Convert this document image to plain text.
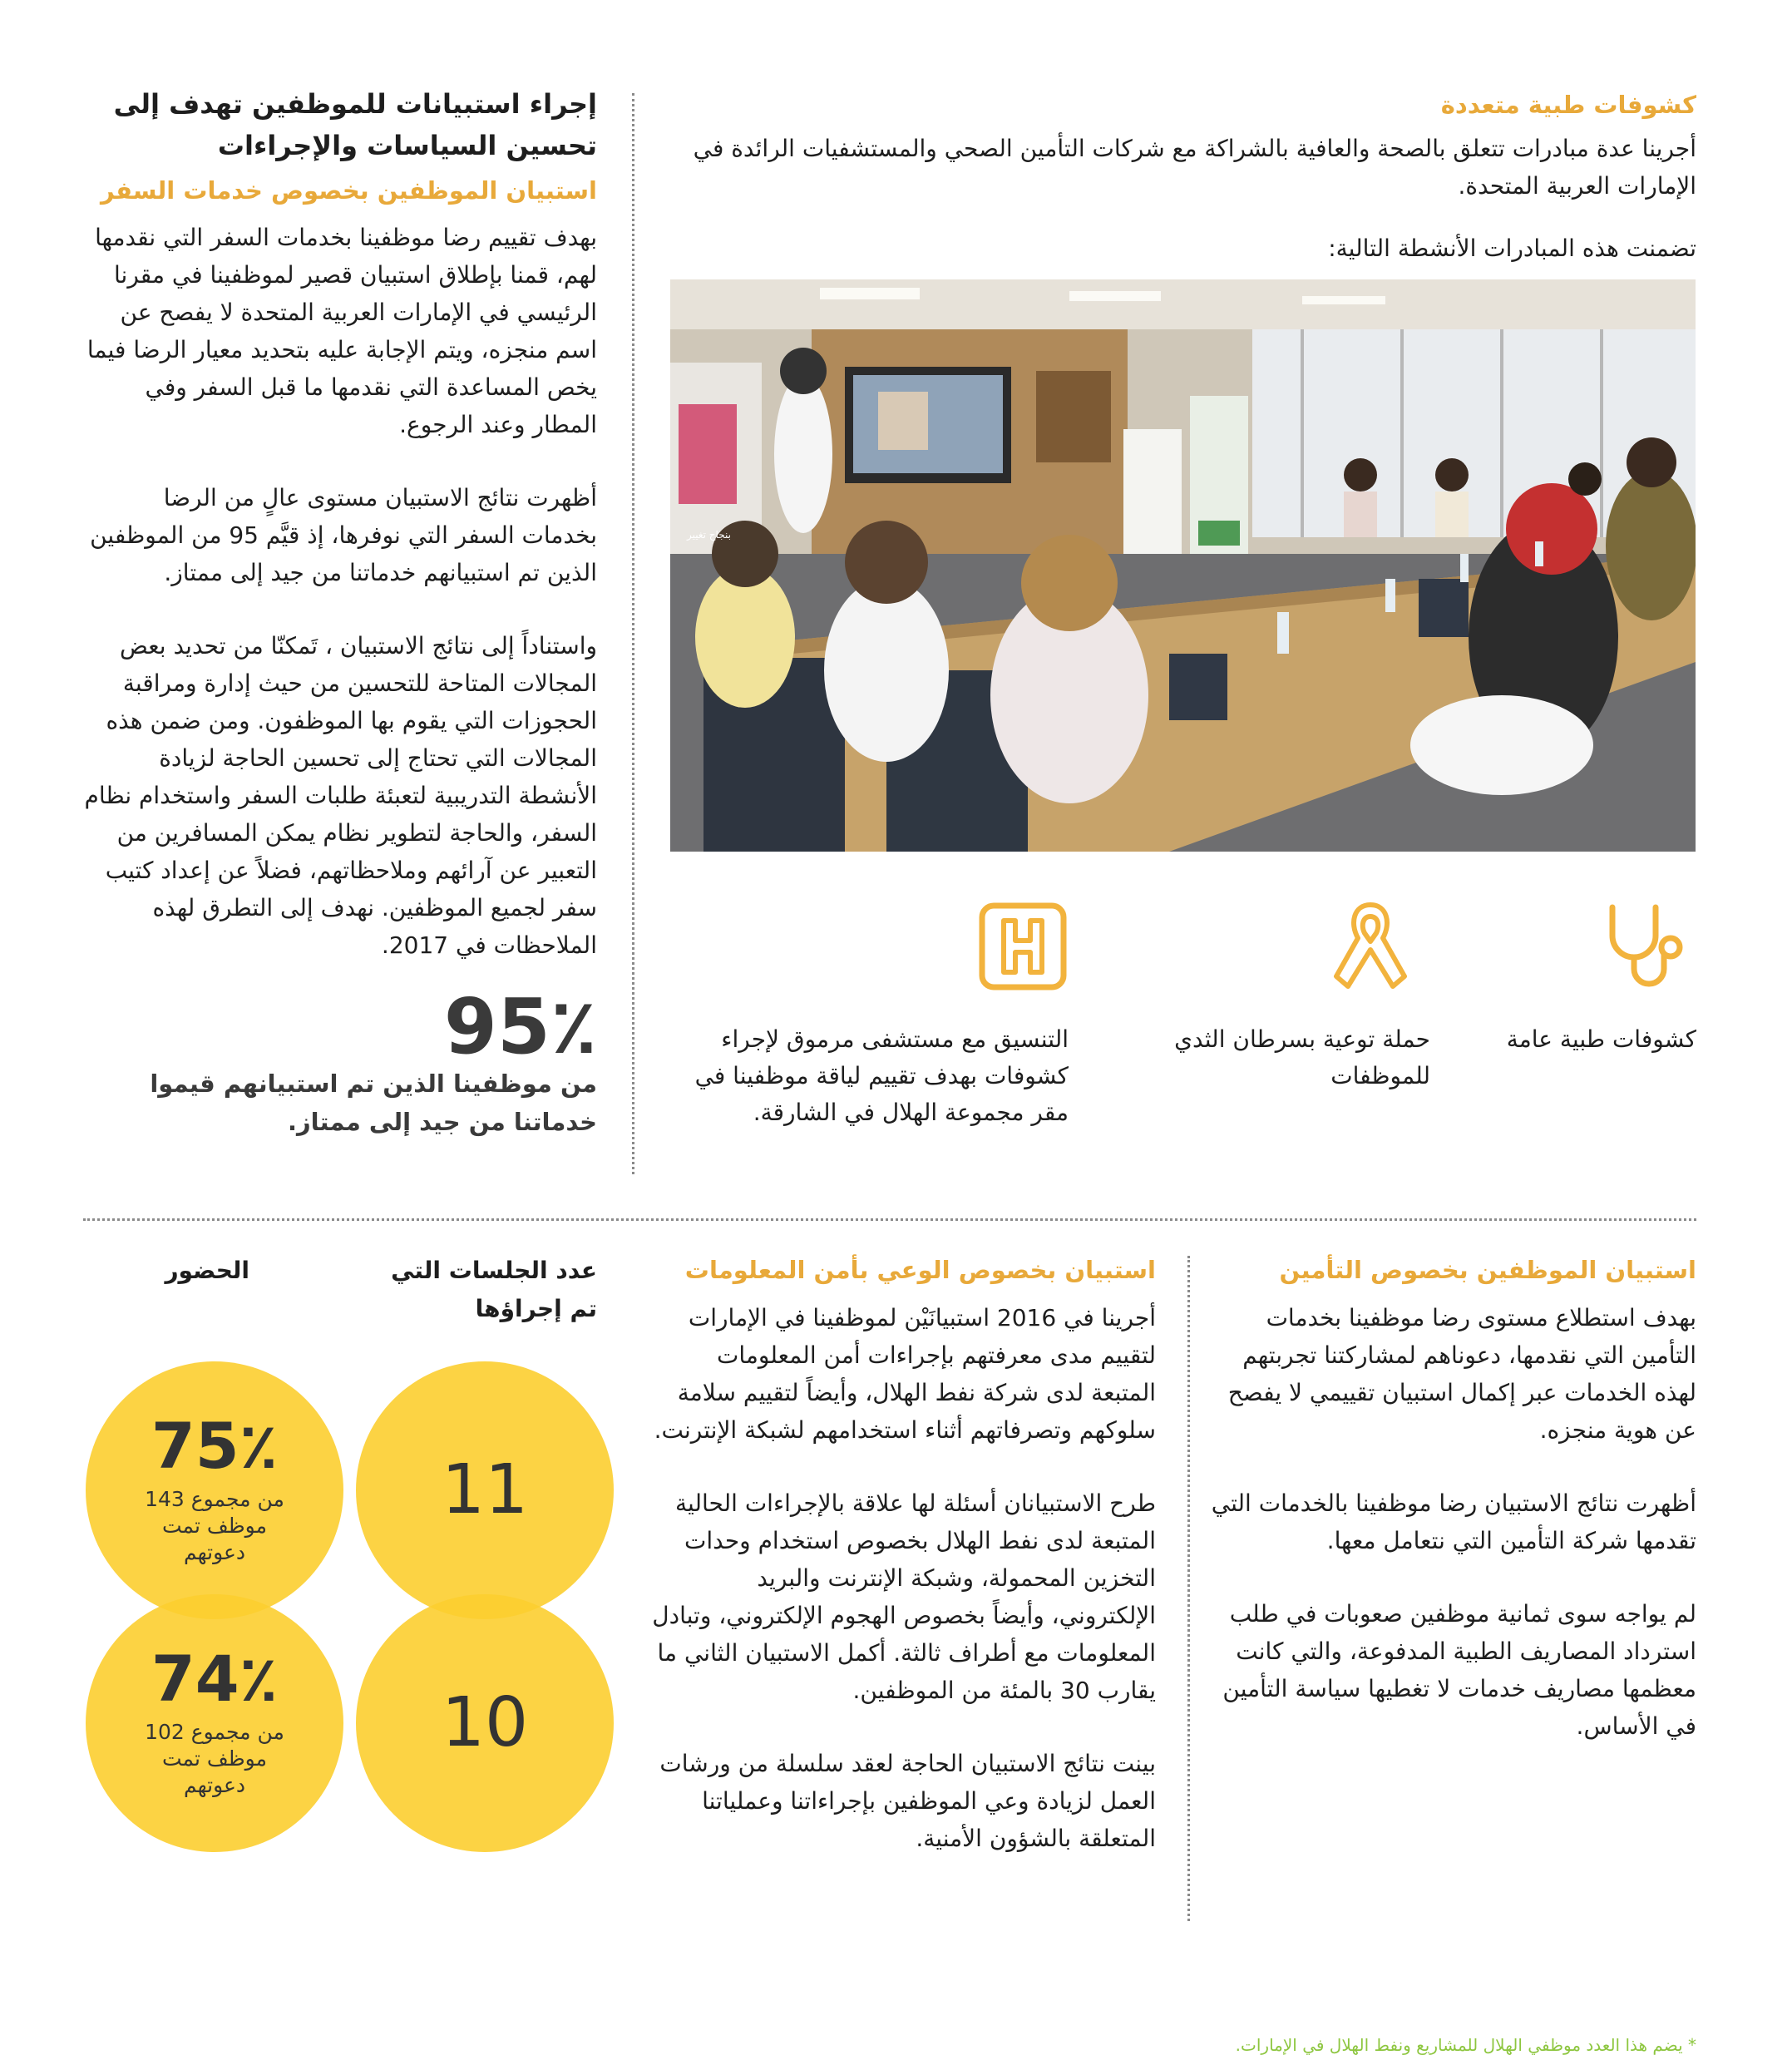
كشوفات طبية متعددة
أجرينا عدة مبادرات تتعلق بالصحة والعافية بالشراكة مع شركات التأمين الصحي والمستشفيات الرائدة في الإمارات العربية المتحدة.
تضمنت هذه المبادرات الأنشطة التالية:
بنجاح تغيير
كشوفات طبية عامة
حملة توعية بسرطان الثدي للموظفات
التنسيق مع مستشفى مرموق لإجراء كشوفات بهدف تقييم لياقة موظفينا في مقر مجموعة الهلال في الشارقة.
إجراء استبيانات للموظفين تهدف إلى تحسين السياسات والإجراءات
استبيان الموظفين بخصوص خدمات السفر

بهدف تقييم رضا موظفينا بخدمات السفر التي نقدمها لهم، قمنا بإطلاق استبيان قصير لموظفينا في مقرنا الرئيسي في الإمارات العربية المتحدة لا يفصح عن اسم منجزه، ويتم الإجابة عليه بتحديد معيار الرضا فيما يخص المساعدة التي نقدمها ما قبل السفر وفي المطار وعند الرجوع.

أظهرت نتائج الاستبيان مستوى عالٍ من الرضا بخدمات السفر التي نوفرها، إذ قيَّم 95 من الموظفين الذين تم استبيانهم خدماتنا من جيد إلى ممتاز.

واستناداً إلى نتائج الاستبيان ، تَمكنّا من تحديد بعض المجالات المتاحة للتحسين من حيث إدارة ومراقبة الحجوزات التي يقوم بها الموظفون. ومن ضمن هذه المجالات التي تحتاج إلى تحسين الحاجة لزيادة الأنشطة التدريبية لتعبئة طلبات السفر واستخدام نظام السفر، والحاجة لتطوير نظام يمكن المسافرين من التعبير عن آرائهم وملاحظاتهم، فضلاً عن إعداد كتيب سفر لجميع الموظفين. نهدف إلى التطرق لهذه الملاحظات في 2017.

95٪
من موظفينا الذين تم استبيانهم قيموا خدماتنا من جيد إلى ممتاز.
استبيان الموظفين بخصوص التأمين

بهدف استطلاع مستوى رضا موظفينا بخدمات التأمين التي نقدمها، دعوناهم لمشاركتنا تجربتهم لهذه الخدمات عبر إكمال استبيان تقييمي لا يفصح عن هوية منجزه.

أظهرت نتائج الاستبيان رضا موظفينا بالخدمات التي تقدمها شركة التأمين التي نتعامل معها.

لم يواجه سوى ثمانية موظفين صعوبات في طلب استرداد المصاريف الطبية المدفوعة، والتي كانت معظمها مصاريف خدمات لا تغطيها سياسة التأمين في الأساس.

استبيان بخصوص الوعي بأمن المعلومات

أجرينا في 2016 استبيانَيْن لموظفينا في الإمارات لتقييم مدى معرفتهم بإجراءات أمن المعلومات المتبعة لدى شركة نفط الهلال، وأيضاً لتقييم سلامة سلوكهم وتصرفاتهم أثناء استخدامهم لشبكة الإنترنت.

طرح الاستبيانان أسئلة لها علاقة بالإجراءات الحالية المتبعة لدى نفط الهلال بخصوص استخدام وحدات التخزين المحمولة، وشبكة الإنترنت والبريد الإلكتروني، وأيضاً بخصوص الهجوم الإلكتروني، وتبادل المعلومات مع أطراف ثالثة. أكمل الاستبيان الثاني ما يقارب 30 بالمئة من الموظفين.

بينت نتائج الاستبيان الحاجة لعقد سلسلة من ورشات العمل لزيادة وعي الموظفين بإجراءاتنا وعملياتنا المتعلقة بالشؤون الأمنية.

عدد الجلسات التي تم إجراؤها
الحضور
11
75٪
من مجموع 143 موظف تمت دعوتهم
10
74٪
من مجموع 102 موظف تمت دعوتهم
* يضم هذا العدد موظفي الهلال للمشاريع ونفط الهلال في الإمارات.
